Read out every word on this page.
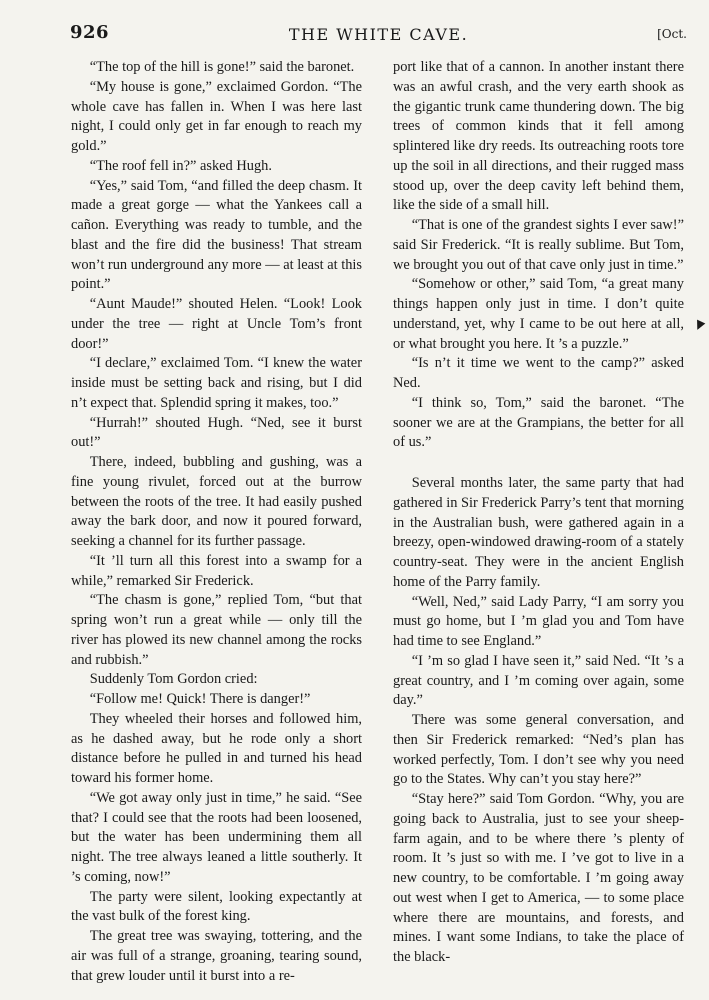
THE WHITE CAVE.
926	[Oct.

“The top of the hill is gone!” said the baronet.

“My house is gone,” exclaimed Gordon. “The whole cave has fallen in. When I was here last night, I could only get in far enough to reach my gold.”

“The roof fell in?” asked Hugh.

“Yes,” said Tom, “and filled the deep chasm. It made a great gorge — what the Yankees call a cañon. Everything was ready to tumble, and the blast and the fire did the business! That stream won’t run underground any more — at least at this point.”

“Aunt Maude!” shouted Helen. “Look! Look under the tree — right at Uncle Tom’s front door!”

“I declare,” exclaimed Tom. “I knew the water inside must be setting back and rising, but I did n’t expect that. Splendid spring it makes, too.”

“Hurrah!” shouted Hugh. “Ned, see it burst out!”

There, indeed, bubbling and gushing, was a fine young rivulet, forced out at the burrow between the roots of the tree. It had easily pushed away the bark door, and now it poured forward, seeking a channel for its further passage.

“It ’ll turn all this forest into a swamp for a while,” remarked Sir Frederick.

“The chasm is gone,” replied Tom, “but that spring won’t run a great while — only till the river has plowed its new channel among the rocks and rubbish.”

Suddenly Tom Gordon cried:

“Follow me! Quick! There is danger!”

They wheeled their horses and followed him, as he dashed away, but he rode only a short distance before he pulled in and turned his head toward his former home.

“We got away only just in time,” he said. “See that? I could see that the roots had been loosened, but the water has been undermining them all night. The tree always leaned a little southerly. It ’s coming, now!”

The party were silent, looking expectantly at the vast bulk of the forest king.

The great tree was swaying, tottering, and the air was full of a strange, groaning, tearing sound, that grew louder until it burst into a re-

port like that of a cannon. In another instant there was an awful crash, and the very earth shook as the gigantic trunk came thundering down. The big trees of common kinds that it fell among splintered like dry reeds. Its outreaching roots tore up the soil in all directions, and their rugged mass stood up, over the deep cavity left behind them, like the side of a small hill.

“That is one of the grandest sights I ever saw!” said Sir Frederick. “It is really sublime. But Tom, we brought you out of that cave only just in time.”

“Somehow or other,” said Tom, “a great many things happen only just in time. I don’t quite understand, yet, why I came to be out here at all, or what brought you here. It ’s a puzzle.”

“Is n’t it time we went to the camp?” asked Ned.

“I think so, Tom,” said the baronet. “The sooner we are at the Grampians, the better for all of us.”

Several months later, the same party that had gathered in Sir Frederick Parry’s tent that morning in the Australian bush, were gathered again in a breezy, open-windowed drawing-room of a stately country-seat. They were in the ancient English home of the Parry family.

“Well, Ned,” said Lady Parry, “I am sorry you must go home, but I ’m glad you and Tom have had time to see England.”

“I ’m so glad I have seen it,” said Ned. “It ’s a great country, and I ’m coming over again, some day.”

There was some general conversation, and then Sir Frederick remarked: “Ned’s plan has worked perfectly, Tom. I don’t see why you need go to the States. Why can’t you stay here?”

“Stay here?” said Tom Gordon. “Why, you are going back to Australia, just to see your sheep-farm again, and to be where there ’s plenty of room. It ’s just so with me. I ’ve got to live in a new country, to be comfortable. I ’m going away out west when I get to America, — to some place where there are mountains, and forests, and mines. I want some Indians, to take the place of the black-

▼
